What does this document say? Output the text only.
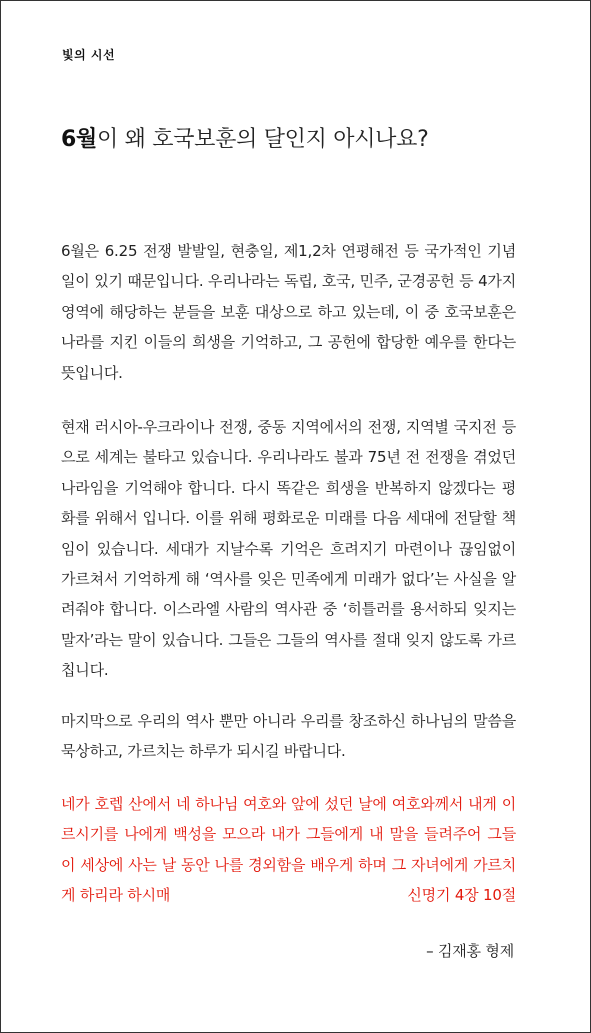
빛의 시선
6월이 왜 호국보훈의 달인지 아시나요?

6월은 6.25 전쟁 발발일, 현충일, 제1,2차 연평해전 등 국가적인 기념일이 있기 때문입니다. 우리나라는 독립, 호국, 민주, 군경공헌 등 4가지 영역에 해당하는 분들을 보훈 대상으로 하고 있는데, 이 중 호국보훈은 나라를 지킨 이들의 희생을 기억하고, 그 공헌에 합당한 예우를 한다는 뜻입니다.

현재 러시아-우크라이나 전쟁, 중동 지역에서의 전쟁, 지역별 국지전 등으로 세계는 불타고 있습니다. 우리나라도 불과 75년 전 전쟁을 겪었던 나라임을 기억해야 합니다. 다시 똑같은 희생을 반복하지 않겠다는 평화를 위해서 입니다. 이를 위해 평화로운 미래를 다음 세대에 전달할 책임이 있습니다. 세대가 지날수록 기억은 흐려지기 마련이나 끊임없이 가르쳐서 기억하게 해 ‘역사를 잊은 민족에게 미래가 없다’는 사실을 알려줘야 합니다. 이스라엘 사람의 역사관 중 ‘히틀러를 용서하되 잊지는 말자’라는 말이 있습니다. 그들은 그들의 역사를 절대 잊지 않도록 가르칩니다.

마지막으로 우리의 역사 뿐만 아니라 우리를 창조하신 하나님의 말씀을 묵상하고, 가르치는 하루가 되시길 바랍니다.

네가 호렙 산에서 네 하나님 여호와 앞에 섰던 날에 여호와께서 내게 이르시기를 나에게 백성을 모으라 내가 그들에게 내 말을 들려주어 그들이 세상에 사는 날 동안 나를 경외함을 배우게 하며 그 자녀에게 가르치게 하리라 하시매	신명기 4장 10절
– 김재홍 형제
